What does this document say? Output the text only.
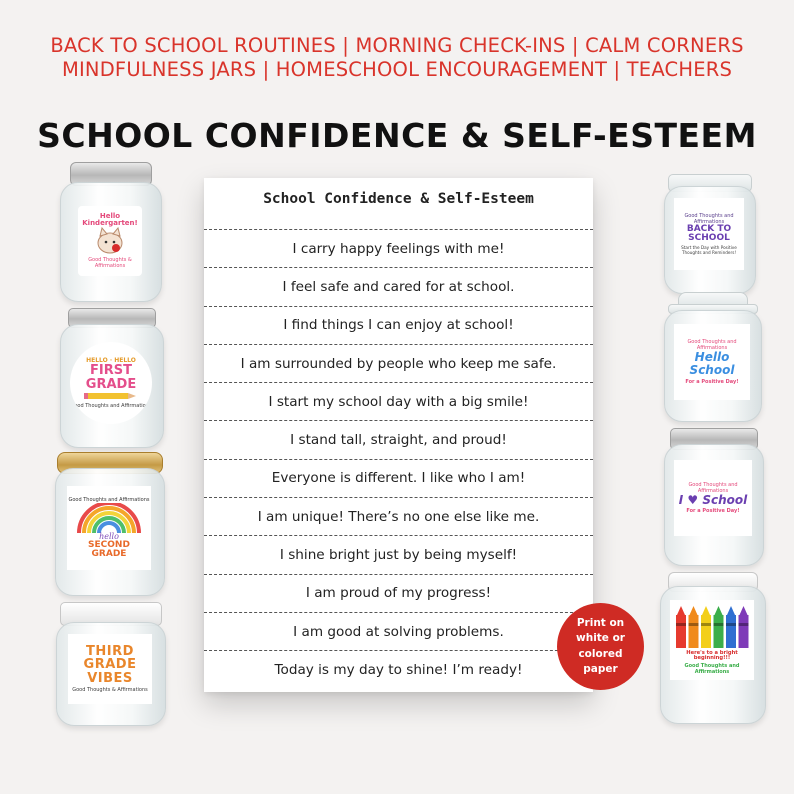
BACK TO SCHOOL ROUTINES | MORNING CHECK-INS | CALM CORNERS
MINDFULNESS JARS | HOMESCHOOL ENCOURAGEMENT | TEACHERS
SCHOOL CONFIDENCE & SELF-ESTEEM
Hello Kindergarten!
Good Thoughts & Affirmations
HELLO · HELLO
FIRST GRADE
Good Thoughts and Affirmations
Good Thoughts and Affirmations
hello
SECOND GRADE
THIRD GRADE VIBES
Good Thoughts & Affirmations
School Confidence & Self-Esteem
I carry happy feelings with me!
I feel safe and cared for at school.
I find things I can enjoy at school!
I am surrounded by people who keep me safe.
I start my school day with a big smile!
I stand tall, straight, and proud!
Everyone is different. I like who I am!
I am unique! There’s no one else like me.
I shine bright just by being myself!
I am proud of my progress!
I am good at solving problems.
Today is my day to shine! I’m ready!
Good Thoughts and Affirmations
BACK TO SCHOOL
Start the Day with Positive Thoughts and Reminders!
Good Thoughts and Affirmations
Hello School
For a Positive Day!
Good Thoughts and Affirmations
I ♥ School
For a Positive Day!
Here's to a bright beginning!!!
Good Thoughts and Affirmations
Print on white or colored paper
